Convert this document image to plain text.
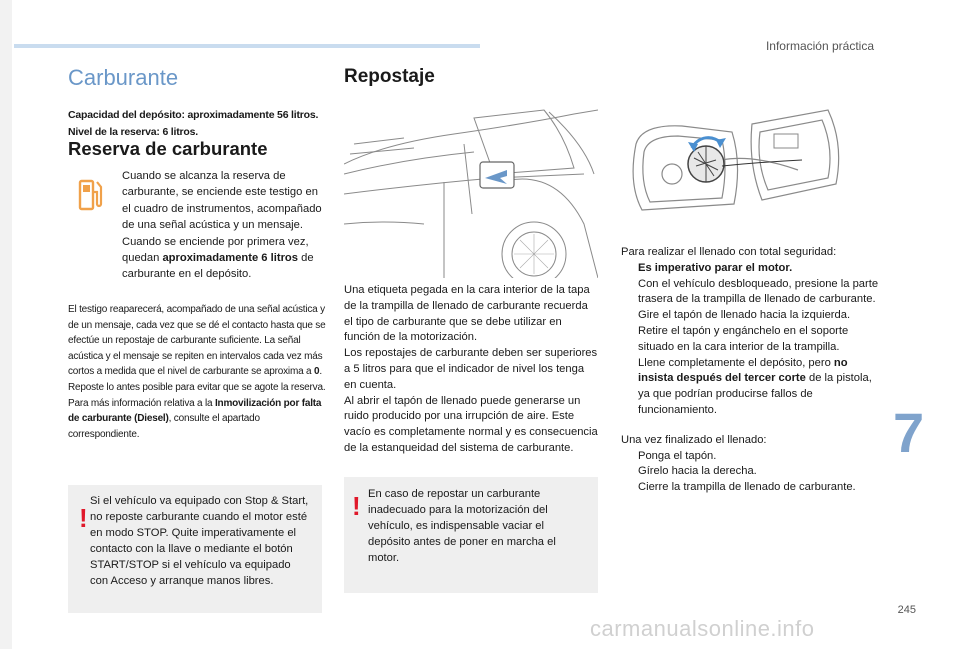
Información práctica
Carburante

Capacidad del depósito: aproximadamente 56 litros.

Nivel de la reserva: 6 litros.

Reserva de carburante
Cuando se alcanza la reserva de carburante, se enciende este testigo en el cuadro de instrumentos, acompañado de una señal acústica y un mensaje. Cuando se enciende por primera vez, quedan aproximadamente 6 litros de carburante en el depósito.

El testigo reaparecerá, acompañado de una señal acústica y de un mensaje, cada vez que se dé el contacto hasta que se efectúe un repostaje de carburante suficiente. La señal acústica y el mensaje se repiten en intervalos cada vez más cortos a medida que el nivel de carburante se aproxima a 0. Reposte lo antes posible para evitar que se agote la reserva.

Para más información relativa a la Inmovilización por falta de carburante (Diesel), consulte el apartado correspondiente.

!
Si el vehículo va equipado con Stop & Start, no reposte carburante cuando el motor esté en modo STOP. Quite imperativamente el contacto con la llave o mediante el botón START/STOP si el vehículo va equipado con Acceso y arranque manos libres.
Repostaje

Una etiqueta pegada en la cara interior de la tapa de la trampilla de llenado de carburante recuerda el tipo de carburante que se debe utilizar en función de la motorización.

Los repostajes de carburante deben ser superiores a 5 litros para que el indicador de nivel los tenga en cuenta.

Al abrir el tapón de llenado puede generarse un ruido producido por una irrupción de aire. Este vacío es completamente normal y es consecuencia de la estanqueidad del sistema de carburante.

! En caso de repostar un carburante inadecuado para la motorización del vehículo, es indispensable vaciar el depósito antes de poner en marcha el motor.

Para realizar el llenado con total seguridad:

Es imperativo parar el motor.
Con el vehículo desbloqueado, presione la parte trasera de la trampilla de llenado de carburante.
Gire el tapón de llenado hacia la izquierda.
Retire el tapón y engánchelo en el soporte situado en la cara interior de la trampilla.
Llene completamente el depósito, pero no insista después del tercer corte de la pistola, ya que podrían producirse fallos de funcionamiento.

Una vez finalizado el llenado:

Ponga el tapón.
Gírelo hacia la derecha.
Cierre la trampilla de llenado de carburante.
7
245
carmanualsonline.info
